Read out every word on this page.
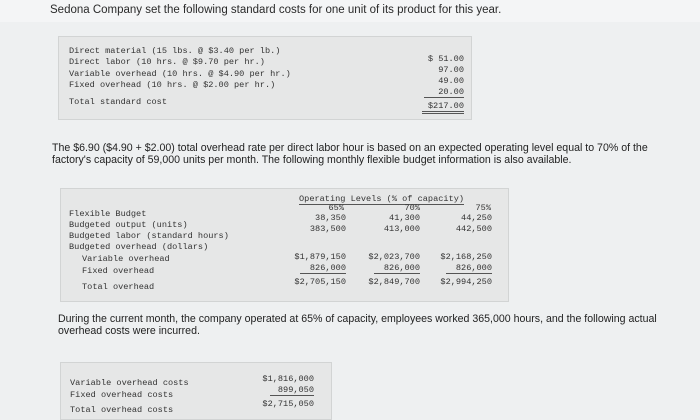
Sedona Company set the following standard costs for one unit of its product for this year.
Direct material (15 lbs. @ $3.40 per lb.)
Direct labor (10 hrs. @ $9.70 per hr.)
Variable overhead (10 hrs. @ $4.90 per hr.)
Fixed overhead (10 hrs. @ $2.00 per hr.)
Total standard cost
$ 51.00
97.00
49.00
20.00
$217.00
The $6.90 ($4.90 + $2.00) total overhead rate per direct labor hour is based on an expected operating level equal to 70% of the factory's capacity of 59,000 units per month. The following monthly flexible budget information is also available.
Operating Levels (% of capacity)
65%	70%	75%
Flexible Budget
Budgeted output (units)
Budgeted labor (standard hours)
Budgeted overhead (dollars)
Variable overhead
Fixed overhead
Total overhead
38,350
383,500
$1,879,150
826,000
$2,705,150
41,300
413,000
$2,023,700
826,000
$2,849,700
44,250
442,500
$2,168,250
826,000
$2,994,250
During the current month, the company operated at 65% of capacity, employees worked 365,000 hours, and the following actual overhead costs were incurred.
Variable overhead costs
Fixed overhead costs
Total overhead costs
$1,816,000
899,050
$2,715,050
